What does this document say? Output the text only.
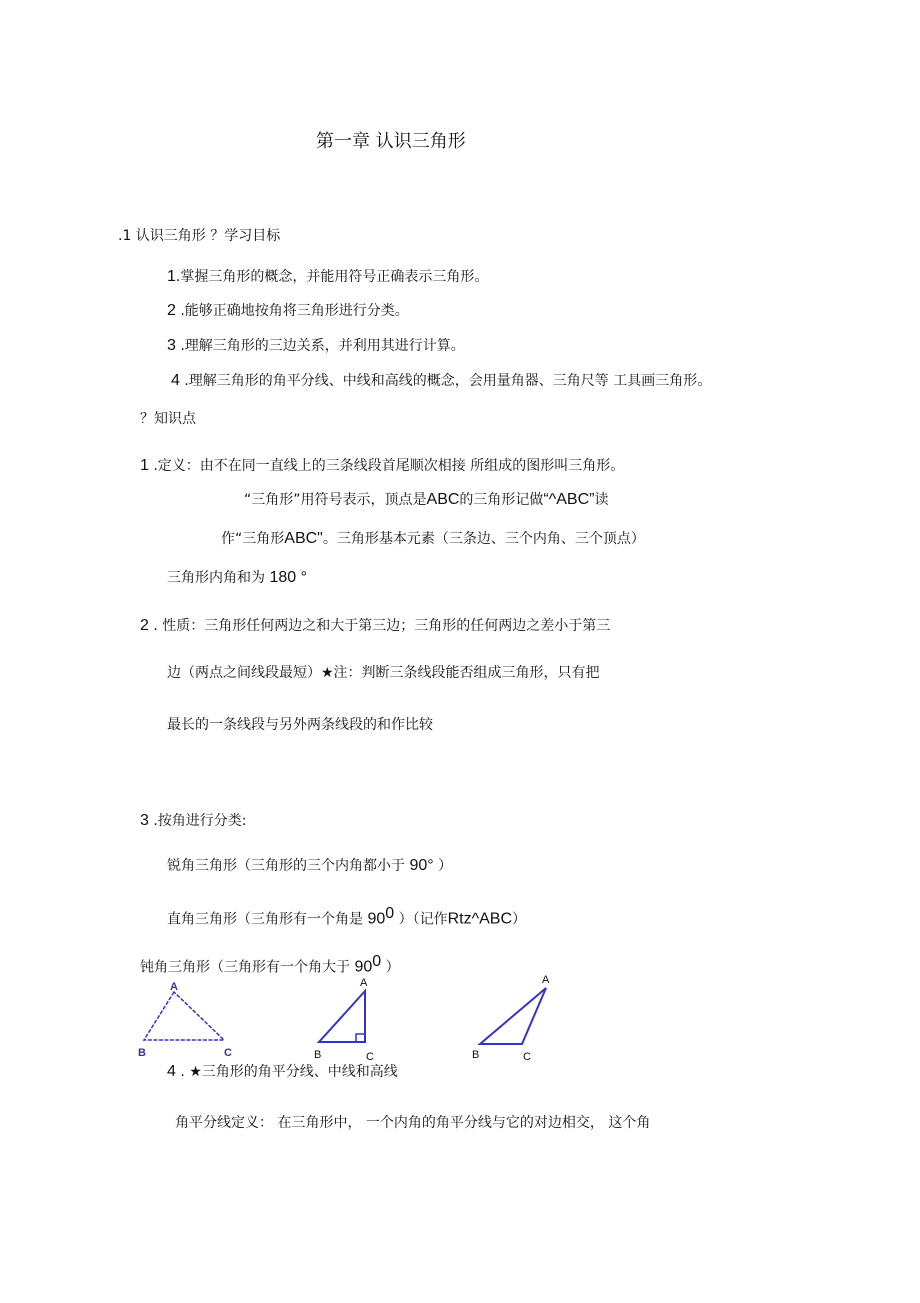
第一章 认识三角形
.1 认识三角形 ？学习目标
1.掌握三角形的概念，并能用符号正确表示三角形。
2 .能够正确地按角将三角形进行分类。
3 .理解三角形的三边关系，并利用其进行计算。
4 .理解三角形的角平分线、中线和高线的概念，会用量角器、三角尺等 工具画三角形。
？知识点
1 .定义：由不在同一直线上的三条线段首尾顺次相接 所组成的图形叫三角形。
“三角形”用符号表示，顶点是ABC的三角形记做“^ABC”读
作“三角形ABC"。三角形基本元素（三条边、三个内角、三个顶点）
三角形内角和为 180 °
2 . 性质：三角形任何两边之和大于第三边；三角形的任何两边之差小于第三
边（两点之间线段最短）★注：判断三条线段能否组成三角形，只有把
最长的一条线段与另外两条线段的和作比较
3 .按角进行分类:
锐角三角形（三角形的三个内角都小于 90° ）
直角三角形（三角形有一个角是 $90^0$ ）（记作Rtz^ABC）
钝角三角形（三角形有一个角大于 $90^0$ ）
A
B	C
A
B	C
A
B	C
4 . ★三角形的角平分线、中线和高线
角平分线定义： 在三角形中， 一个内角的角平分线与它的对边相交， 这个角
